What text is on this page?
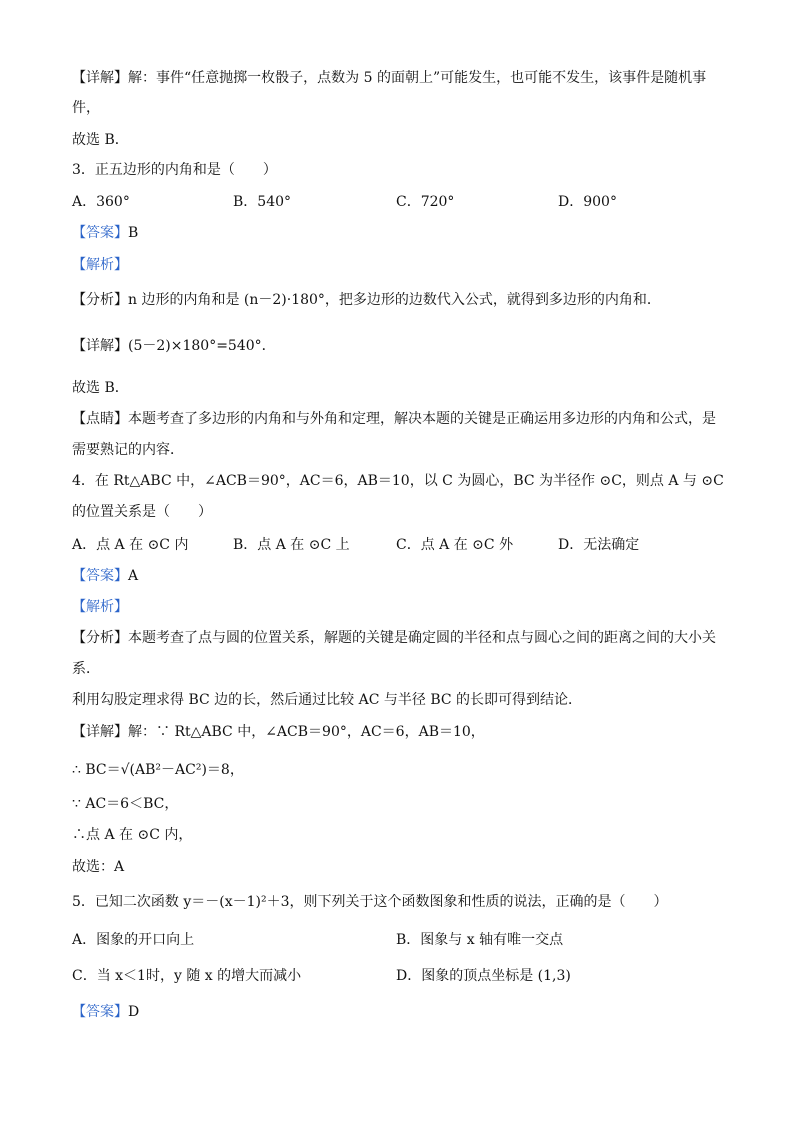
【详解】解：事件“任意抛掷一枚骰子，点数为 5 的面朝上”可能发生，也可能不发生，该事件是随机事
件，
故选 B．
3．正五边形的内角和是（　　）
A．360°	B．540°	C．720°	D．900°
【答案】B
【解析】
【分析】n 边形的内角和是 (n－2)·180°，把多边形的边数代入公式，就得到多边形的内角和．
【详解】(5－2)×180°=540°．
故选 B．
【点睛】本题考查了多边形的内角和与外角和定理，解决本题的关键是正确运用多边形的内角和公式，是
需要熟记的内容．
4．在 Rt△ABC 中，∠ACB＝90°，AC＝6，AB＝10，以 C 为圆心，BC 为半径作 ⊙C，则点 A 与 ⊙C
的位置关系是（　　）
A．点 A 在 ⊙C 内	B．点 A 在 ⊙C 上	C．点 A 在 ⊙C 外	D．无法确定
【答案】A
【解析】
【分析】本题考查了点与圆的位置关系，解题的关键是确定圆的半径和点与圆心之间的距离之间的大小关
系．
利用勾股定理求得 BC 边的长，然后通过比较 AC 与半径 BC 的长即可得到结论．
【详解】解：∵ Rt△ABC 中，∠ACB＝90°，AC＝6，AB＝10，
∴ BC＝√(AB²－AC²)＝8，
∵ AC＝6＜BC，
∴点 A 在 ⊙C 内，
故选：A
5．已知二次函数 y＝－(x－1)²＋3，则下列关于这个函数图象和性质的说法，正确的是（　　）
A．图象的开口向上	B．图象与 x 轴有唯一交点
C．当 x＜1时，y 随 x 的增大而减小	D．图象的顶点坐标是 (1,3)
【答案】D
